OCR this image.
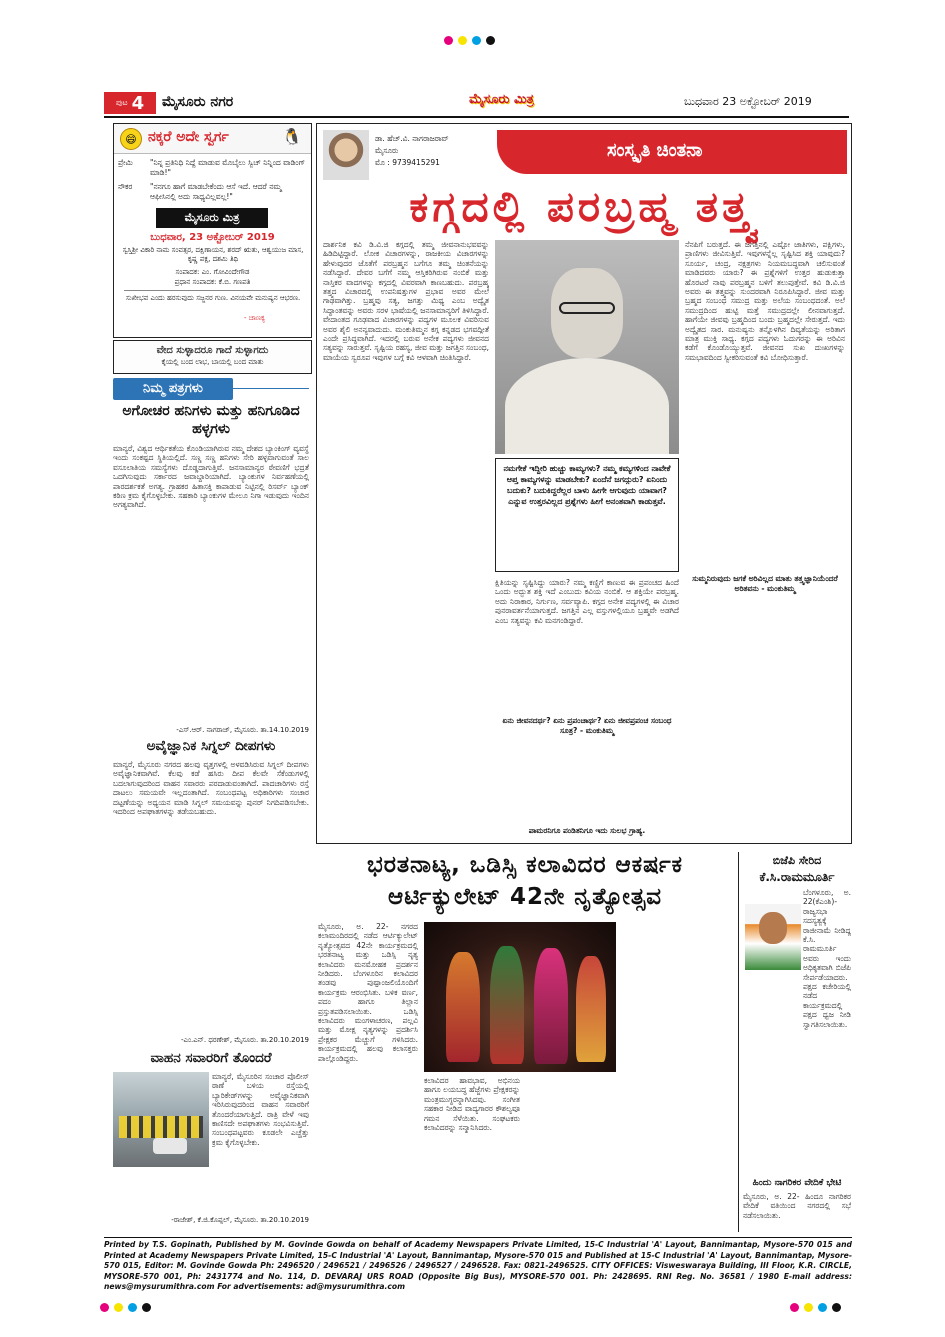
ಪುಟ 4 ಮೈಸೂರು ನಗರ	ಮೈಸೂರು ಮಿತ್ರ	ಬುಧವಾರ 23 ಅಕ್ಟೋಬರ್ 2019
😄 ನಕ್ಕರೆ ಅದೇ ಸ್ವರ್ಗ	🐧
ಪ್ರೇಮಿ	"ನಿನ್ನ ಪ್ರತಿನಿಧಿ ನಿದ್ದೆ ಮಾಡುವ ಮೊಬೈಲು ಸ್ವಿಚ್ ನಿನ್ನಿಂದ ವಾಡಿಂಗ್ ಮಾಡಿ!"
ನೌಕರ	"ನನಗೂ ಹಾಗೆ ಮಾಡಬೇಕೆಂದು ಆಸೆ ಇದೆ. ಆದರೆ ನಮ್ಮ ಆಫೀಸಿನಲ್ಲಿ ಅದು ಸಾಧ್ಯವಿಲ್ಲವಲ್ಲ!"
ಮೈಸೂರು ಮಿತ್ರ
ಬುಧವಾರ, 23 ಅಕ್ಟೋಬರ್ 2019
ಸ್ವಸ್ತಿಶ್ರೀ ವಿಕಾರಿ ನಾಮ ಸಂವತ್ಸರ, ದಕ್ಷಿಣಾಯನ, ಶರದ್ ಋತು, ಆಶ್ವಯುಜ ಮಾಸ, ಕೃಷ್ಣ ಪಕ್ಷ, ದಶಮಿ ತಿಥಿ
ಸಂಪಾದಕ: ಎಂ. ಗೋವಿಂದೇಗೌಡ
ಪ್ರಧಾನ ಸಂಪಾದಕ: ಕೆ.ಬಿ. ಗಣಪತಿ
ಸುಖೀಭವ ಎಂದು ಹರಸುವುದು ಸಜ್ಜನರ ಗುಣ. ವಿನಯವೇ ಮನುಷ್ಯನ ಆಭರಣ.
- ಚಾಣಕ್ಯ
ವೇದ ಸುಳ್ಳಾದರೂ ಗಾದೆ ಸುಳ್ಳಾಗದು
ಕೈಯಲ್ಲಿ ಬಂದ ಲಾಭ, ಬಾಯಲ್ಲಿ ಬಂದ ಮಾತು
ನಿಮ್ಮ ಪತ್ರಗಳು
ಅಗೋಚರ ಹನಿಗಳು ಮತ್ತು ಹನಿಗೂಡಿದ ಹಳ್ಳಗಳು
ಮಾನ್ಯರೆ, ವಿಶ್ವದ ಆರ್ಥಿಕತೆಯ ಕೊಂಡಿಯಾಗಿರುವ ನಮ್ಮ ದೇಶದ ಬ್ಯಾಂಕಿಂಗ್ ವ್ಯವಸ್ಥೆ ಇಂದು ಸಂಕಷ್ಟದ ಸ್ಥಿತಿಯಲ್ಲಿದೆ. ಸಣ್ಣ ಸಣ್ಣ ಹನಿಗಳು ಸೇರಿ ಹಳ್ಳವಾಗುವಂತೆ ಸಾಲ ವಸೂಲಾತಿಯ ಸಮಸ್ಯೆಗಳು ದೊಡ್ಡದಾಗುತ್ತಿವೆ. ಜನಸಾಮಾನ್ಯರ ಠೇವಣಿಗೆ ಭದ್ರತೆ ಒದಗಿಸುವುದು ಸರ್ಕಾರದ ಜವಾಬ್ದಾರಿಯಾಗಿದೆ. ಬ್ಯಾಂಕುಗಳ ನಿರ್ವಹಣೆಯಲ್ಲಿ ಪಾರದರ್ಶಕತೆ ಅಗತ್ಯ. ಗ್ರಾಹಕರ ಹಿತಾಸಕ್ತಿ ಕಾಪಾಡುವ ನಿಟ್ಟಿನಲ್ಲಿ ರಿಸರ್ವ್ ಬ್ಯಾಂಕ್ ಕಠಿಣ ಕ್ರಮ ಕೈಗೊಳ್ಳಬೇಕು. ಸಹಕಾರಿ ಬ್ಯಾಂಕುಗಳ ಮೇಲೂ ನಿಗಾ ಇಡುವುದು ಇಂದಿನ ಅಗತ್ಯವಾಗಿದೆ.
-ಎಸ್.ಆರ್. ನಾಗರಾಜ್, ಮೈಸೂರು. ತಾ.14.10.2019
ಅವೈಜ್ಞಾನಿಕ ಸಿಗ್ನಲ್ ದೀಪಗಳು
ಮಾನ್ಯರೆ, ಮೈಸೂರು ನಗರದ ಹಲವು ವೃತ್ತಗಳಲ್ಲಿ ಅಳವಡಿಸಿರುವ ಸಿಗ್ನಲ್ ದೀಪಗಳು ಅವೈಜ್ಞಾನಿಕವಾಗಿವೆ. ಕೆಲವು ಕಡೆ ಹಸಿರು ದೀಪ ಕೆಲವೇ ಸೆಕೆಂಡುಗಳಲ್ಲಿ ಬದಲಾಗುವುದರಿಂದ ವಾಹನ ಸವಾರರು ಪರದಾಡುವಂತಾಗಿದೆ. ಪಾದಚಾರಿಗಳು ರಸ್ತೆ ದಾಟಲು ಸಮಯವೇ ಇಲ್ಲದಂತಾಗಿದೆ. ಸಂಬಂಧಪಟ್ಟ ಅಧಿಕಾರಿಗಳು ಸಂಚಾರ ದಟ್ಟಣೆಯನ್ನು ಅಧ್ಯಯನ ಮಾಡಿ ಸಿಗ್ನಲ್ ಸಮಯವನ್ನು ಪುನರ್ ನಿಗದಿಪಡಿಸಬೇಕು. ಇದರಿಂದ ಅಪಘಾತಗಳನ್ನು ತಡೆಯಬಹುದು.
-ಎಂ.ಎನ್. ಧರಣೇಶ್, ಮೈಸೂರು. ತಾ.20.10.2019
ವಾಹನ ಸವಾರರಿಗೆ ತೊಂದರೆ
ಮಾನ್ಯರೆ, ಮೈಸೂರಿನ ಸಂಚಾರ ಪೊಲೀಸ್ ಠಾಣೆ ಬಳಿಯ ರಸ್ತೆಯಲ್ಲಿ ಬ್ಯಾರಿಕೇಡ್‌ಗಳನ್ನು ಅವೈಜ್ಞಾನಿಕವಾಗಿ ಇರಿಸಿರುವುದರಿಂದ ವಾಹನ ಸವಾರರಿಗೆ ತೊಂದರೆಯಾಗುತ್ತಿದೆ. ರಾತ್ರಿ ವೇಳೆ ಇವು ಕಾಣಿಸದೇ ಅಪಘಾತಗಳು ಸಂಭವಿಸುತ್ತಿವೆ. ಸಂಬಂಧಪಟ್ಟವರು ಕೂಡಲೇ ಎಚ್ಚೆತ್ತು ಕ್ರಮ ಕೈಗೊಳ್ಳಬೇಕು.
-ರಾಜೇಶ್, ಕೆ.ಜಿ.ಕೊಪ್ಪಲ್, ಮೈಸೂರು. ತಾ.20.10.2019
ಡಾ. ಹೆಚ್.ವಿ. ನಾಗರಾಜರಾವ್
ಮೈಸೂರು
ಮೊ : 9739415291
ಸಂಸ್ಕೃತಿ ಚಿಂತನಾ
ಕಗ್ಗದಲ್ಲಿ ಪರಬ್ರಹ್ಮ ತತ್ತ್ವ
ದಾರ್ಶನಿಕ ಕವಿ ಡಿ.ವಿ.ಜಿ ಕಗ್ಗದಲ್ಲಿ ತಮ್ಮ ಜೀವನಾನುಭವವನ್ನು ಹಿಡಿದಿಟ್ಟಿದ್ದಾರೆ. ಲೋಕ ವಿಚಾರಗಳನ್ನು, ರಾಜಕೀಯ ವಿಚಾರಗಳನ್ನು ಹೇಳುವುದರ ಜೊತೆಗೆ ಪರಬ್ರಹ್ಮನ ಬಗೆಗೂ ತಮ್ಮ ಚಿಂತನೆಯನ್ನು ನಡೆಸಿದ್ದಾರೆ. ದೇವರ ಬಗೆಗೆ ನಮ್ಮ ಆಸ್ತಿಕರಿಗಿರುವ ನಂಬಿಕೆ ಮತ್ತು ನಾಸ್ತಿಕರ ವಾದಗಳನ್ನು ಕಗ್ಗದಲ್ಲಿ ವಿವರವಾಗಿ ಕಾಣಬಹುದು. ಪರಬ್ರಹ್ಮ ತತ್ತ್ವದ ವಿಚಾರದಲ್ಲಿ ಉಪನಿಷತ್ತುಗಳ ಪ್ರಭಾವ ಅವರ ಮೇಲೆ ಗಾಢವಾಗಿತ್ತು. ಬ್ರಹ್ಮವು ಸತ್ಯ, ಜಗತ್ತು ಮಿಥ್ಯ ಎಂಬ ಅದ್ವೈತ ಸಿದ್ಧಾಂತವನ್ನು ಅವರು ಸರಳ ಭಾಷೆಯಲ್ಲಿ ಜನಸಾಮಾನ್ಯರಿಗೆ ತಿಳಿಸಿದ್ದಾರೆ. ವೇದಾಂತದ ಗೂಢವಾದ ವಿಚಾರಗಳನ್ನು ಪದ್ಯಗಳ ಮೂಲಕ ವಿವರಿಸುವ ಅವರ ಶೈಲಿ ಅನನ್ಯವಾದುದು. ಮಂಕುತಿಮ್ಮನ ಕಗ್ಗ ಕನ್ನಡದ ಭಗವದ್ಗೀತೆ ಎಂದೇ ಪ್ರಸಿದ್ಧವಾಗಿದೆ. ಇದರಲ್ಲಿ ಬರುವ ಅನೇಕ ಪದ್ಯಗಳು ಜೀವನದ ಸತ್ಯವನ್ನು ಸಾರುತ್ತವೆ. ಸೃಷ್ಟಿಯ ರಹಸ್ಯ, ಜೀವ ಮತ್ತು ಜಗತ್ತಿನ ಸಂಬಂಧ, ಮಾಯೆಯ ಸ್ವರೂಪ ಇವುಗಳ ಬಗ್ಗೆ ಕವಿ ಆಳವಾಗಿ ಚಿಂತಿಸಿದ್ದಾರೆ.
ನಮಗೇಕೆ ಇದ್ದೀರಿ ಹುಚ್ಚು ಕಾಮ್ಯಗಳು? ನಮ್ಮ ಕಮ್ಯಗಳಿಂದ ನಾವೇಕೆ ಆಪ್ತ ಕಾಮ್ಯಗಳನ್ನು ಮಾಡಬೇಕು? ಏಂದೆನೆ ಜಗದ್ಗುರು? ಏನಿಂದು ಬದುಕು? ಬದುಕಿದ್ದರೆಲ್ಲರ ಬಾಳು ಹೀಗೇ ಆಗುವುದು ಯಾವಾಗ? ಎನ್ನುವ ಉತ್ತರವಿಲ್ಲದ ಪ್ರಶ್ನೆಗಳು ಹೀಗೆ ಅನಂತವಾಗಿ ಕಾಡುತ್ತವೆ.
ಕ್ಷಿತಿಯನ್ನು ಸೃಷ್ಟಿಸಿದ್ದು ಯಾರು? ನಮ್ಮ ಕಣ್ಣಿಗೆ ಕಾಣುವ ಈ ಪ್ರಪಂಚದ ಹಿಂದೆ ಒಂದು ಅದ್ಭುತ ಶಕ್ತಿ ಇದೆ ಎಂಬುದು ಕವಿಯ ನಂಬಿಕೆ. ಆ ಶಕ್ತಿಯೇ ಪರಬ್ರಹ್ಮ. ಅದು ನಿರಾಕಾರ, ನಿರ್ಗುಣ, ಸರ್ವವ್ಯಾಪಿ. ಕಗ್ಗದ ಅನೇಕ ಪದ್ಯಗಳಲ್ಲಿ ಈ ವಿಚಾರ ಪುನರಾವರ್ತನೆಯಾಗುತ್ತದೆ. ಜಗತ್ತಿನ ಎಲ್ಲ ವಸ್ತುಗಳಲ್ಲಿಯೂ ಬ್ರಹ್ಮವೇ ಅಡಗಿದೆ ಎಂಬ ಸತ್ಯವನ್ನು ಕವಿ ಮನಗಂಡಿದ್ದಾರೆ.
ಏನು ಜೀವನದರ್ಥ? ಏನು ಪ್ರಪಂಚಾರ್ಥ? ಏನು ಜೀವಪ್ರಪಂಚ ಸಂಬಂಧ ಸೂತ್ರ? - ಮಂಕುತಿಮ್ಮ
ಪಾಮರನಿಗೂ ಪಂಡಿತನಿಗೂ ಇದು ಸುಲಭ ಗ್ರಾಹ್ಯ.
ನೆನಪಿಗೆ ಬರುತ್ತದೆ. ಈ ಜಗತ್ತಿನಲ್ಲಿ ಎಷ್ಟೋ ಜಾತಿಗಳು, ಪಕ್ಷಿಗಳು, ಪ್ರಾಣಿಗಳು ಜೀವಿಸುತ್ತಿವೆ. ಇವುಗಳನ್ನೆಲ್ಲ ಸೃಷ್ಟಿಸಿದ ಶಕ್ತಿ ಯಾವುದು? ಸೂರ್ಯ, ಚಂದ್ರ, ನಕ್ಷತ್ರಗಳು ನಿಯಮಬದ್ಧವಾಗಿ ಚಲಿಸುವಂತೆ ಮಾಡಿದವರು ಯಾರು? ಈ ಪ್ರಶ್ನೆಗಳಿಗೆ ಉತ್ತರ ಹುಡುಕುತ್ತಾ ಹೊರಟರೆ ನಾವು ಪರಬ್ರಹ್ಮನ ಬಳಿಗೆ ತಲುಪುತ್ತೇವೆ. ಕವಿ ಡಿ.ವಿ.ಜಿ ಅವರು ಈ ತತ್ತ್ವವನ್ನು ಸುಂದರವಾಗಿ ನಿರೂಪಿಸಿದ್ದಾರೆ. ಜೀವ ಮತ್ತು ಬ್ರಹ್ಮದ ಸಂಬಂಧ ಸಮುದ್ರ ಮತ್ತು ಅಲೆಯ ಸಂಬಂಧದಂತೆ. ಅಲೆ ಸಮುದ್ರದಿಂದ ಹುಟ್ಟಿ ಮತ್ತೆ ಸಮುದ್ರದಲ್ಲೇ ಲೀನವಾಗುತ್ತದೆ. ಹಾಗೆಯೇ ಜೀವವು ಬ್ರಹ್ಮದಿಂದ ಬಂದು ಬ್ರಹ್ಮದಲ್ಲೇ ಸೇರುತ್ತದೆ. ಇದು ಅದ್ವೈತದ ಸಾರ. ಮನುಷ್ಯನು ತನ್ನೊಳಗಿನ ದಿವ್ಯತೆಯನ್ನು ಅರಿತಾಗ ಮಾತ್ರ ಮುಕ್ತಿ ಸಾಧ್ಯ. ಕಗ್ಗದ ಪದ್ಯಗಳು ಓದುಗರನ್ನು ಈ ಅರಿವಿನ ಕಡೆಗೆ ಕೊಂಡೊಯ್ಯುತ್ತವೆ. ಜೀವನದ ಸುಖ ದುಃಖಗಳನ್ನು ಸಮಭಾವದಿಂದ ಸ್ವೀಕರಿಸುವಂತೆ ಕವಿ ಬೋಧಿಸುತ್ತಾರೆ.
ಸುಮ್ಮನಿರುವುದು ಜಗಕೆ ಅರಿವಿಲ್ಲದ ಮಾತು ತತ್ತ್ವಜ್ಞಾನಿಯೆಂದರೆ ಅರಿತವನು - ಮಂಕುತಿಮ್ಮ
ಭರತನಾಟ್ಯ, ಒಡಿಸ್ಸಿ ಕಲಾವಿದರ ಆಕರ್ಷಕ
ಆರ್ಟಿಕ್ಯುಲೇಟ್ 42ನೇ ನೃತ್ಯೋತ್ಸವ
ಮೈಸೂರು, ಅ. 22- ನಗರದ ಕಲಾಮಂದಿರದಲ್ಲಿ ನಡೆದ ಆರ್ಟಿಕ್ಯುಲೇಟ್ ನೃತ್ಯೋತ್ಸವದ 42ನೇ ಕಾರ್ಯಕ್ರಮದಲ್ಲಿ ಭರತನಾಟ್ಯ ಮತ್ತು ಒಡಿಸ್ಸಿ ನೃತ್ಯ ಕಲಾವಿದರು ಮನಮೋಹಕ ಪ್ರದರ್ಶನ ನೀಡಿದರು. ಬೆಂಗಳೂರಿನ ಕಲಾವಿದರ ತಂಡವು ಪುಷ್ಪಾಂಜಲಿಯೊಂದಿಗೆ ಕಾರ್ಯಕ್ರಮ ಆರಂಭಿಸಿತು. ಬಳಿಕ ವರ್ಣ, ಪದಂ ಹಾಗೂ ತಿಲ್ಲಾನ ಪ್ರಸ್ತುತಪಡಿಸಲಾಯಿತು. ಒಡಿಸ್ಸಿ ಕಲಾವಿದರು ಮಂಗಳಾಚರಣ, ಪಲ್ಲವಿ ಮತ್ತು ಮೋಕ್ಷ ನೃತ್ಯಗಳನ್ನು ಪ್ರದರ್ಶಿಸಿ ಪ್ರೇಕ್ಷಕರ ಮೆಚ್ಚುಗೆ ಗಳಿಸಿದರು. ಕಾರ್ಯಕ್ರಮದಲ್ಲಿ ಹಲವು ಕಲಾಸಕ್ತರು ಪಾಲ್ಗೊಂಡಿದ್ದರು.
ಕಲಾವಿದರ ಹಾವಭಾವ, ಅಭಿನಯ ಹಾಗೂ ಲಯಬದ್ಧ ಹೆಜ್ಜೆಗಳು ಪ್ರೇಕ್ಷಕರನ್ನು ಮಂತ್ರಮುಗ್ಧರನ್ನಾಗಿಸಿದವು. ಸಂಗೀತ ಸಹಕಾರ ನೀಡಿದ ವಾದ್ಯಗಾರರ ಕೌಶಲ್ಯವೂ ಗಮನ ಸೆಳೆಯಿತು. ಸಂಘಟಕರು ಕಲಾವಿದರನ್ನು ಸನ್ಮಾನಿಸಿದರು.
ಬಿಜೆಪಿ ಸೇರಿದ
ಕೆ.ಸಿ.ರಾಮಮೂರ್ತಿ
ಬೆಂಗಳೂರು, ಅ. 22(ಕೆಎಂಶಿ)- ರಾಜ್ಯಸಭಾ ಸದಸ್ಯತ್ವಕ್ಕೆ ರಾಜೀನಾಮೆ ನೀಡಿದ್ದ ಕೆ.ಸಿ. ರಾಮಮೂರ್ತಿ ಅವರು ಇಂದು ಅಧಿಕೃತವಾಗಿ ಬಿಜೆಪಿ ಸೇರ್ಪಡೆಯಾದರು. ಪಕ್ಷದ ಕಚೇರಿಯಲ್ಲಿ ನಡೆದ ಕಾರ್ಯಕ್ರಮದಲ್ಲಿ ಪಕ್ಷದ ಧ್ವಜ ನೀಡಿ ಸ್ವಾಗತಿಸಲಾಯಿತು.
ಹಿಂದು ನಾಗರಿಕರ ವೇದಿಕೆ ಭೇಟಿ
ಮೈಸೂರು, ಅ. 22- ಹಿಂದೂ ನಾಗರಿಕರ ವೇದಿಕೆ ವತಿಯಿಂದ ನಗರದಲ್ಲಿ ಸಭೆ ನಡೆಸಲಾಯಿತು.
Printed by T.S. Gopinath, Published by M. Govinde Gowda on behalf of Academy Newspapers Private Limited, 15-C Industrial 'A' Layout, Bannimantap, Mysore-570 015 and Printed at Academy Newspapers Private Limited, 15-C Industrial 'A' Layout, Bannimantap, Mysore-570 015 and Published at 15-C Industrial 'A' Layout, Bannimantap, Mysore-570 015, Editor: M. Govinde Gowda Ph: 2496520 / 2496521 / 2496526 / 2496527 / 2496528. Fax: 0821-2496525. CITY OFFICES: Visweswaraya Building, III Floor, K.R. CIRCLE, MYSORE-570 001, Ph: 2431774 and No. 114, D. DEVARAJ URS ROAD (Opposite Big Bus), MYSORE-570 001. Ph: 2428695. RNI Reg. No. 36581 / 1980 E-mail address: news@mysurumithra.com For advertisements: ad@mysurumithra.com
